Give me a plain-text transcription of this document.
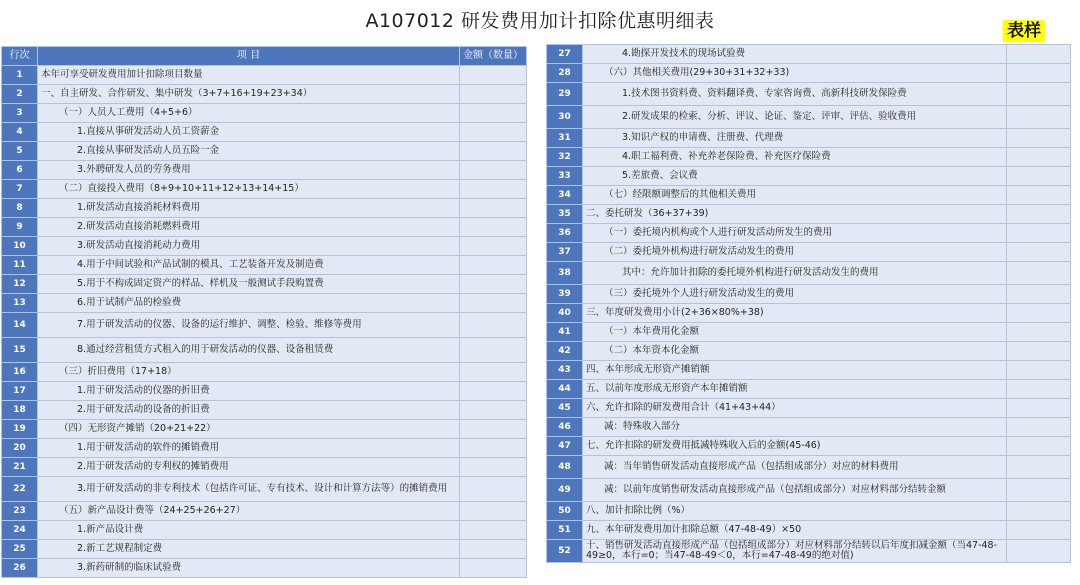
A107012 研发费用加计扣除优惠明细表	表样
行次	项 目	金额（数量）
1	本年可享受研发费用加计扣除项目数量	
2	一、自主研发、合作研发、集中研发（3+7+16+19+23+34）	
3	（一）人员人工费用（4+5+6）	
4	1.直接从事研发活动人员工资薪金	
5	2.直接从事研发活动人员五险一金	
6	3.外聘研发人员的劳务费用	
7	（二）直接投入费用（8+9+10+11+12+13+14+15）	
8	1.研发活动直接消耗材料费用	
9	2.研发活动直接消耗燃料费用	
10	3.研发活动直接消耗动力费用	
11	4.用于中间试验和产品试制的模具、工艺装备开发及制造费	
12	5.用于不构成固定资产的样品、样机及一般测试手段购置费	
13	6.用于试制产品的检验费	
14	7.用于研发活动的仪器、设备的运行维护、调整、检验、维修等费用	
15	8.通过经营租赁方式租入的用于研发活动的仪器、设备租赁费	
16	（三）折旧费用（17+18）	
17	1.用于研发活动的仪器的折旧费	
18	2.用于研发活动的设备的折旧费	
19	（四）无形资产摊销（20+21+22）	
20	1.用于研发活动的软件的摊销费用	
21	2.用于研发活动的专利权的摊销费用	
22	3.用于研发活动的非专利技术（包括许可证、专有技术、设计和计算方法等）的摊销费用	
23	（五）新产品设计费等（24+25+26+27）	
24	1.新产品设计费	
25	2.新工艺规程制定费	
26	3.新药研制的临床试验费	
27	4.勘探开发技术的现场试验费	
28	（六）其他相关费用(29+30+31+32+33)	
29	1.技术图书资料费、资料翻译费、专家咨询费、高新科技研发保险费	
30	2.研发成果的检索、分析、评议、论证、鉴定、评审、评估、验收费用	
31	3.知识产权的申请费、注册费、代理费	
32	4.职工福利费、补充养老保险费、补充医疗保险费	
33	5.差旅费、会议费	
34	（七）经限额调整后的其他相关费用	
35	二、委托研发（36+37+39)	
36	（一）委托境内机构或个人进行研发活动所发生的费用	
37	（二）委托境外机构进行研发活动发生的费用	
38	其中：允许加计扣除的委托境外机构进行研发活动发生的费用	
39	（三）委托境外个人进行研发活动发生的费用	
40	三、年度研发费用小计(2+36×80%+38)	
41	（一）本年费用化金额	
42	（二）本年资本化金额	
43	四、本年形成无形资产摊销额	
44	五、以前年度形成无形资产本年摊销额	
45	六、允许扣除的研发费用合计（41+43+44）	
46	减：特殊收入部分	
47	七、允许扣除的研发费用抵减特殊收入后的金额(45-46)	
48	减：当年销售研发活动直接形成产品（包括组成部分）对应的材料费用	
49	减：以前年度销售研发活动直接形成产品（包括组成部分）对应材料部分结转金额	
50	八、加计扣除比例（%）	
51	九、本年研发费用加计扣除总额（47-48-49）×50	
52	十、销售研发活动直接形成产品（包括组成部分）对应材料部分结转以后年度扣减金额（当47-48-49≥0，本行=0；当47-48-49＜0，本行=47-48-49的绝对值)	
